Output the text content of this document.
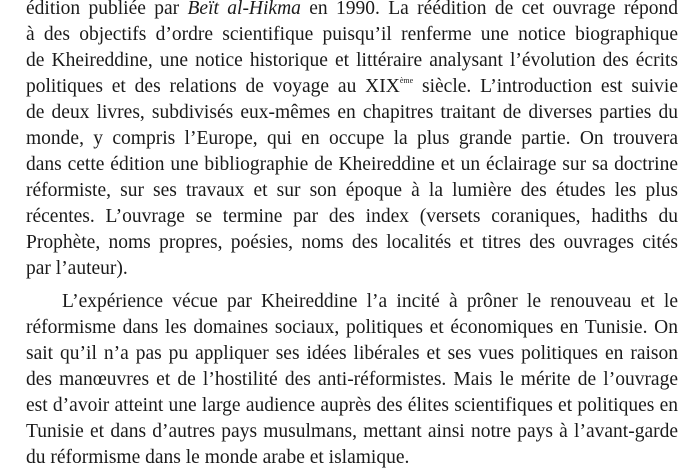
édition publiée par Beït al-Hikma en 1990. La réédition de cet ouvrage répond
à des objectifs d’ordre scientifique puisqu’il renferme une notice biographique
de Kheireddine, une notice historique et littéraire analysant l’évolution des écrits
politiques et des relations de voyage au XIXème siècle. L’introduction est suivie
de deux livres, subdivisés eux-mêmes en chapitres traitant de diverses parties du
monde, y compris l’Europe, qui en occupe la plus grande partie. On trouvera
dans cette édition une bibliographie de Kheireddine et un éclairage sur sa doctrine
réformiste, sur ses travaux et sur son époque à la lumière des études les plus
récentes. L’ouvrage se termine par des index (versets coraniques, hadiths du
Prophète, noms propres, poésies, noms des localités et titres des ouvrages cités
par l’auteur).
L’expérience vécue par Kheireddine l’a incité à prôner le renouveau et le
réformisme dans les domaines sociaux, politiques et économiques en Tunisie. On
sait qu’il n’a pas pu appliquer ses idées libérales et ses vues politiques en raison
des manœuvres et de l’hostilité des anti-réformistes. Mais le mérite de l’ouvrage
est d’avoir atteint une large audience auprès des élites scientifiques et politiques en
Tunisie et dans d’autres pays musulmans, mettant ainsi notre pays à l’avant-garde
du réformisme dans le monde arabe et islamique.
